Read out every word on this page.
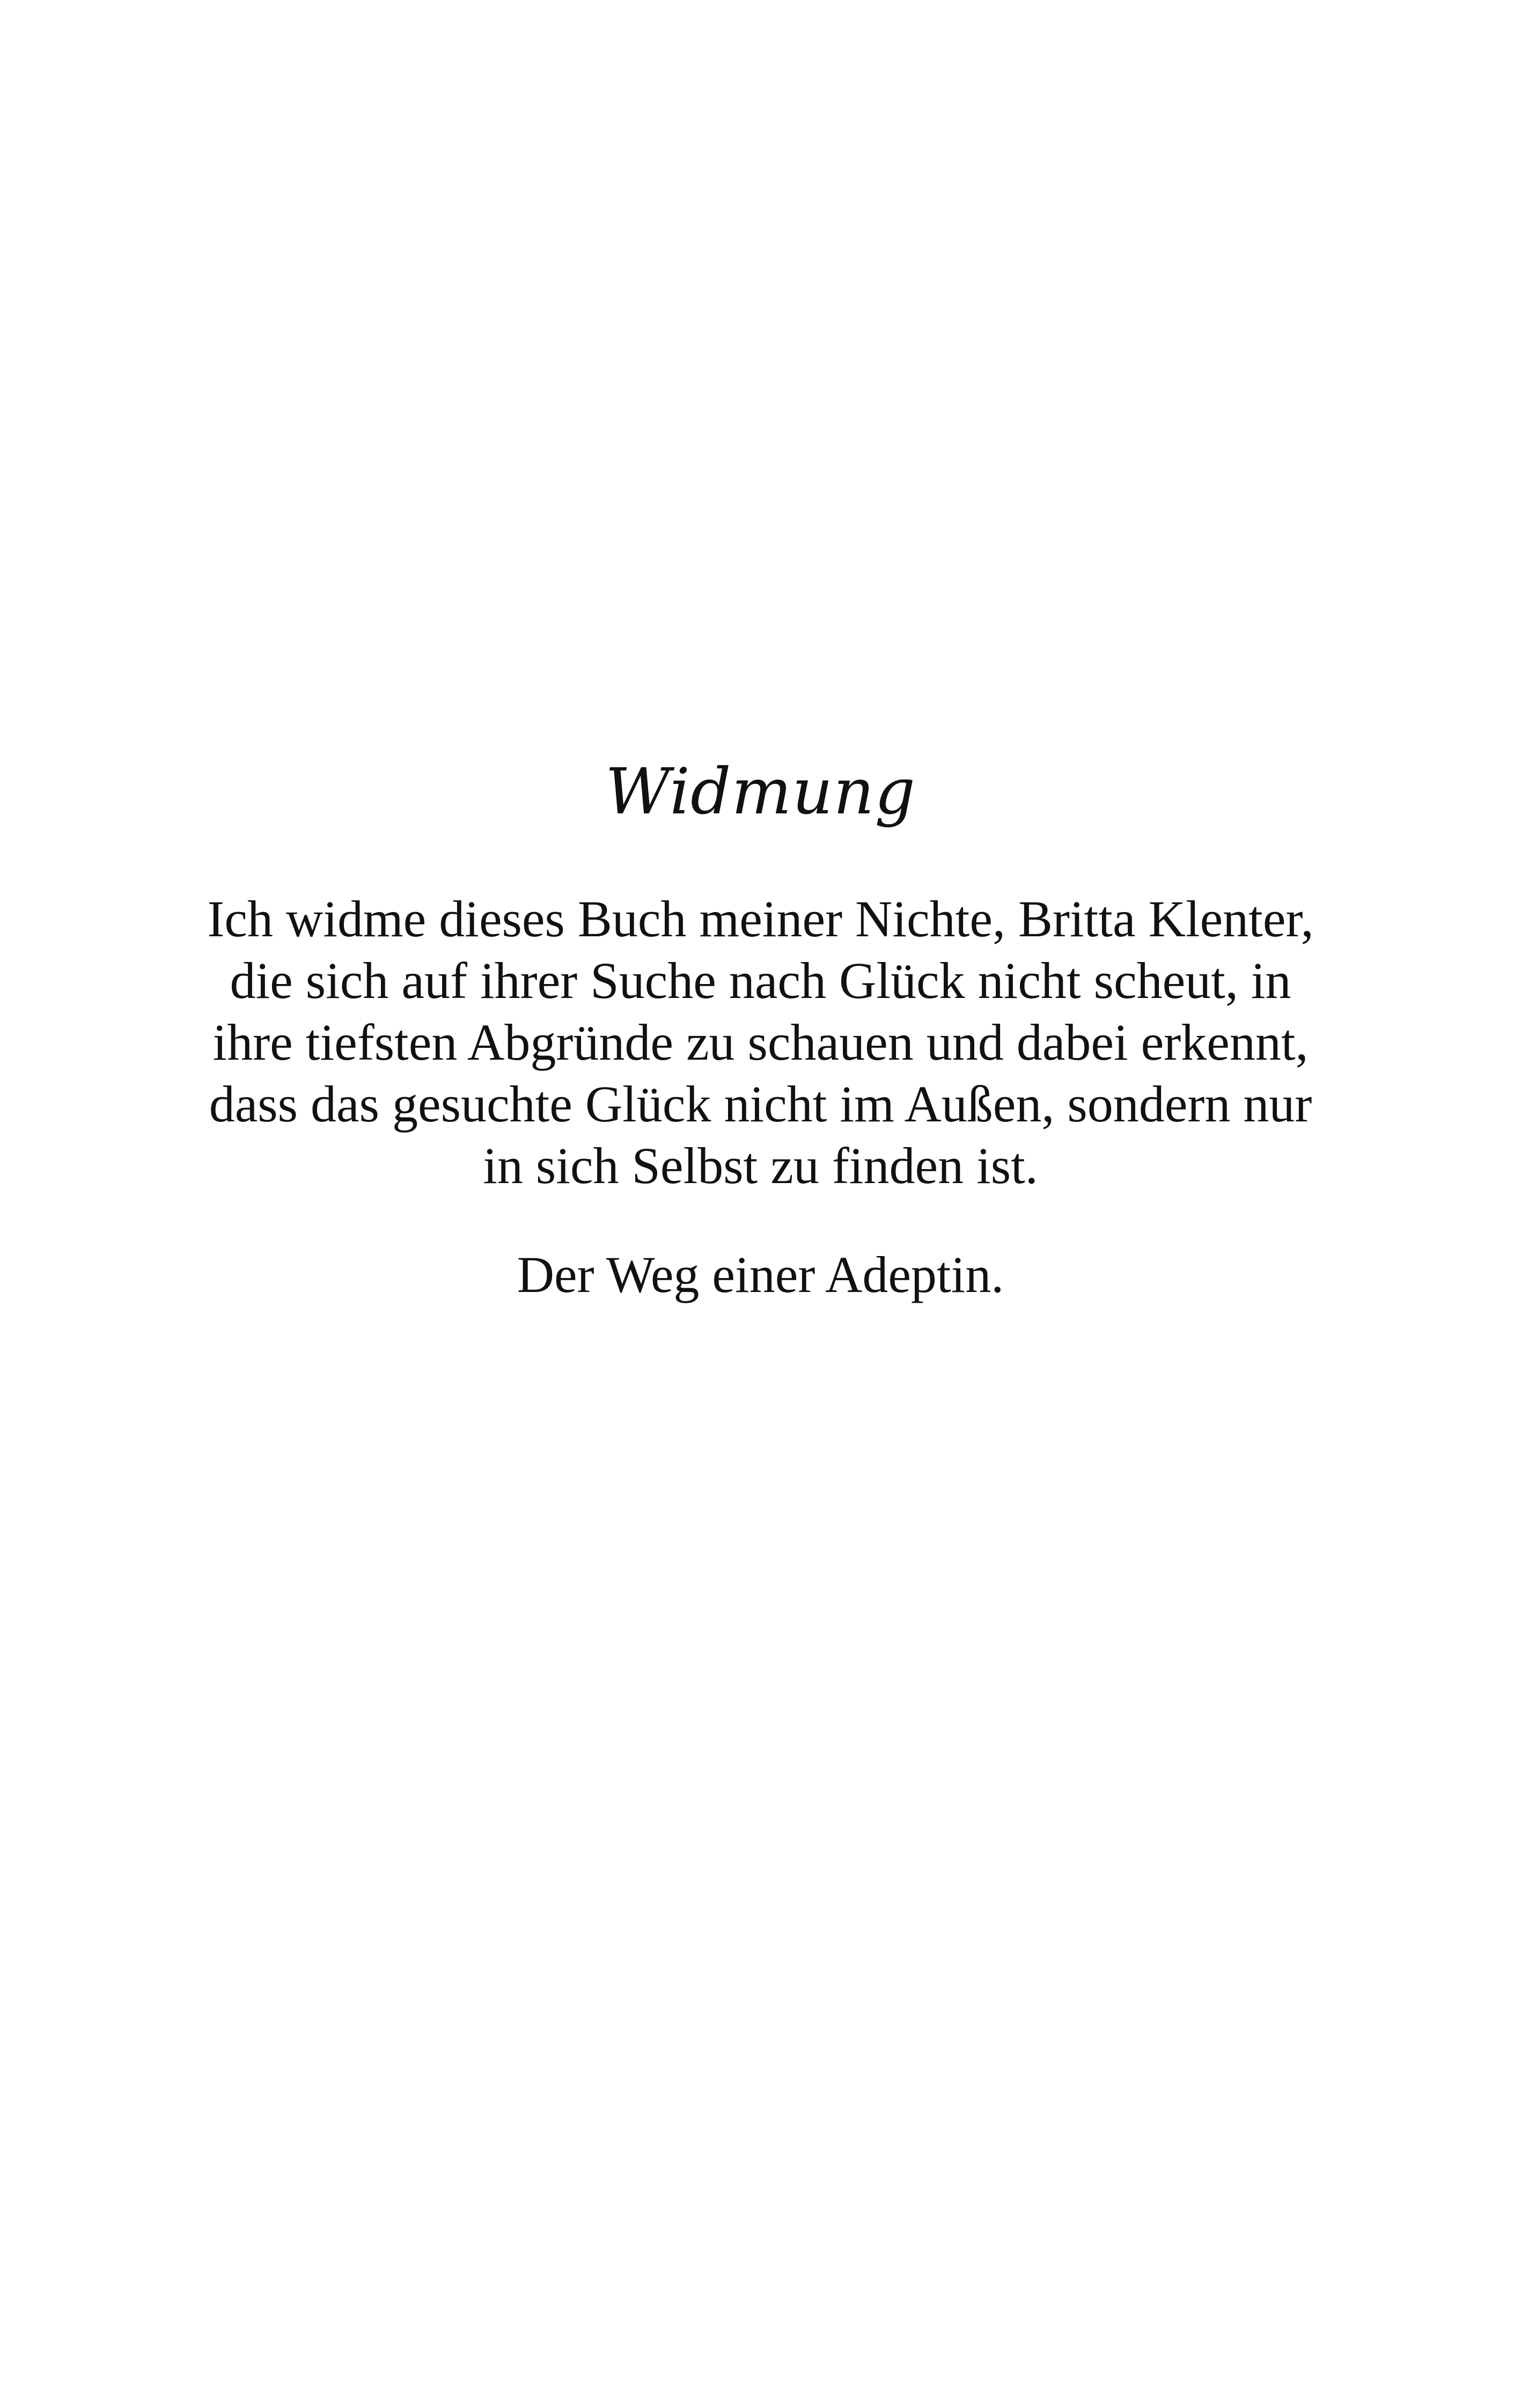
Widmung

Ich widme dieses Buch meiner Nichte, Britta Klenter,
die sich auf ihrer Suche nach Glück nicht scheut, in
ihre tiefsten Abgründe zu schauen und dabei erkennt,
dass das gesuchte Glück nicht im Außen, sondern nur
in sich Selbst zu finden ist.

Der Weg einer Adeptin.
